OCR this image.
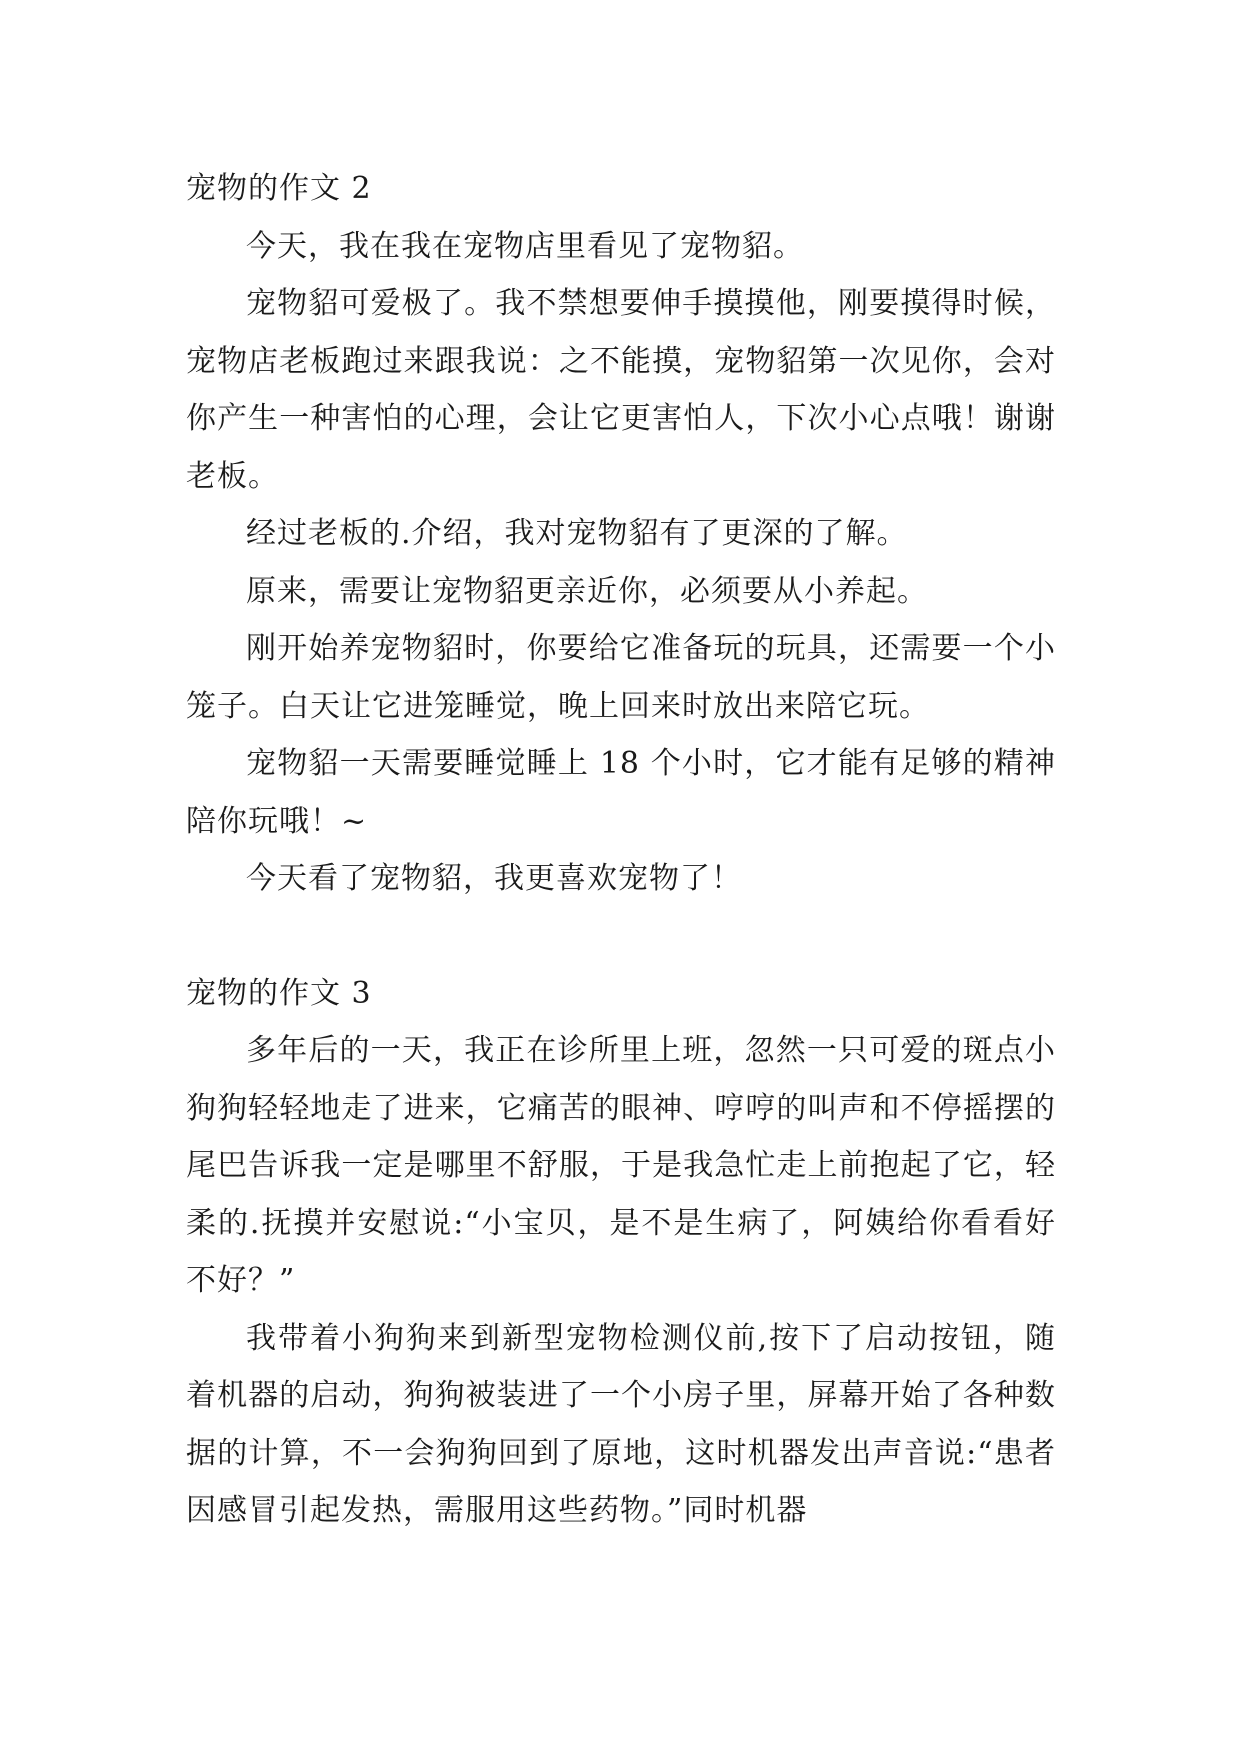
宠物的作文 2

今天，我在我在宠物店里看见了宠物貂。

宠物貂可爱极了。我不禁想要伸手摸摸他，刚要摸得时候，宠物店老板跑过来跟我说：之不能摸，宠物貂第一次见你，会对你产生一种害怕的心理，会让它更害怕人，下次小心点哦！谢谢老板。

经过老板的.介绍，我对宠物貂有了更深的了解。

原来，需要让宠物貂更亲近你，必须要从小养起。

刚开始养宠物貂时，你要给它准备玩的玩具，还需要一个小笼子。白天让它进笼睡觉，晚上回来时放出来陪它玩。

宠物貂一天需要睡觉睡上 18 个小时，它才能有足够的精神陪你玩哦！~

今天看了宠物貂，我更喜欢宠物了！

宠物的作文 3

多年后的一天，我正在诊所里上班，忽然一只可爱的斑点小狗狗轻轻地走了进来，它痛苦的眼神、哼哼的叫声和不停摇摆的尾巴告诉我一定是哪里不舒服，于是我急忙走上前抱起了它，轻柔的.抚摸并安慰说:“小宝贝，是不是生病了，阿姨给你看看好不好？”

我带着小狗狗来到新型宠物检测仪前,按下了启动按钮，随着机器的启动，狗狗被装进了一个小房子里，屏幕开始了各种数据的计算，不一会狗狗回到了原地，这时机器发出声音说:“患者因感冒引起发热，需服用这些药物。”同时机器
